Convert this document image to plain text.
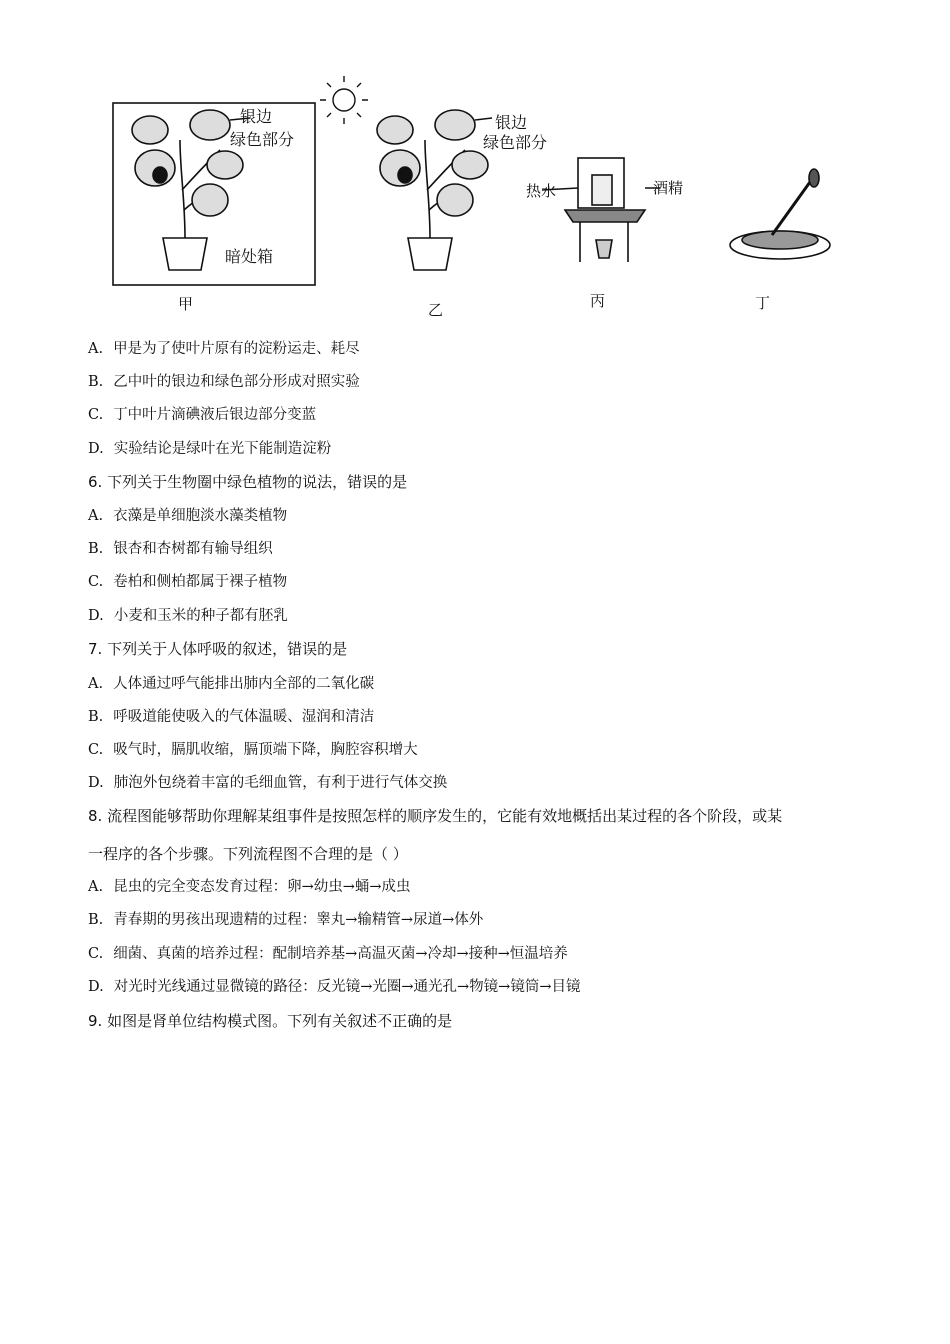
银边
绿色部分
暗处箱
银边
绿色部分
热水	酒精
甲	乙	丙	丁
A. 甲是为了使叶片原有的淀粉运走、耗尽
B. 乙中叶的银边和绿色部分形成对照实验
C. 丁中叶片滴碘液后银边部分变蓝
D. 实验结论是绿叶在光下能制造淀粉
6. 下列关于生物圈中绿色植物的说法，错误的是
A. 衣藻是单细胞淡水藻类植物
B. 银杏和杏树都有输导组织
C. 卷柏和侧柏都属于裸子植物
D. 小麦和玉米的种子都有胚乳
7. 下列关于人体呼吸的叙述，错误的是
A. 人体通过呼气能排出肺内全部的二氧化碳
B. 呼吸道能使吸入的气体温暖、湿润和清洁
C. 吸气时，膈肌收缩，膈顶端下降，胸腔容积增大
D. 肺泡外包绕着丰富的毛细血管，有利于进行气体交换
8. 流程图能够帮助你理解某组事件是按照怎样的顺序发生的，它能有效地概括出某过程的各个阶段，或某
一程序的各个步骤。下列流程图不合理的是（ ）
A. 昆虫的完全变态发育过程：卵→幼虫→蛹→成虫
B. 青春期的男孩出现遗精的过程：睾丸→输精管→尿道→体外
C. 细菌、真菌的培养过程：配制培养基→高温灭菌→冷却→接种→恒温培养
D. 对光时光线通过显微镜的路径：反光镜→光圈→通光孔→物镜→镜筒→目镜
9. 如图是肾单位结构模式图。下列有关叙述不正确的是
